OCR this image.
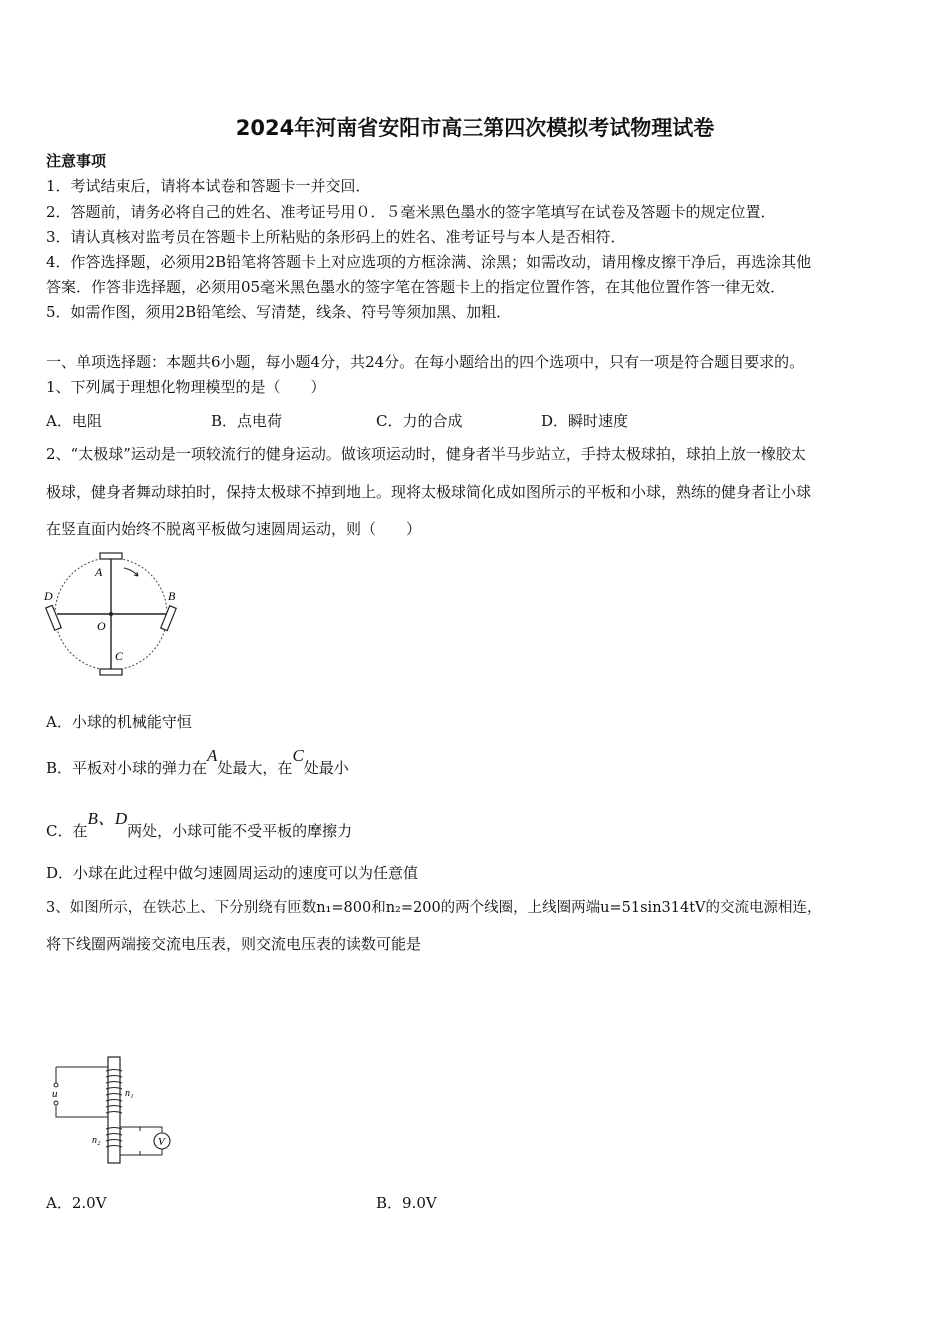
2024年河南省安阳市高三第四次模拟考试物理试卷
注意事项
1．考试结束后，请将本试卷和答题卡一并交回．
2．答题前，请务必将自己的姓名、准考证号用０．５毫米黑色墨水的签字笔填写在试卷及答题卡的规定位置．
3．请认真核对监考员在答题卡上所粘贴的条形码上的姓名、准考证号与本人是否相符．
4．作答选择题，必须用2B铅笔将答题卡上对应选项的方框涂满、涂黑；如需改动，请用橡皮擦干净后，再选涂其他
答案．作答非选择题，必须用05毫米黑色墨水的签字笔在答题卡上的指定位置作答，在其他位置作答一律无效．
5．如需作图，须用2B铅笔绘、写清楚，线条、符号等须加黑、加粗．
一、单项选择题：本题共6小题，每小题4分，共24分。在每小题给出的四个选项中，只有一项是符合题目要求的。
1、下列属于理想化物理模型的是（　　）
A．电阻	B．点电荷	C．力的合成	D．瞬时速度
2、“太极球”运动是一项较流行的健身运动。做该项运动时，健身者半马步站立，手持太极球拍，球拍上放一橡胶太
极球，健身者舞动球拍时，保持太极球不掉到地上。现将太极球简化成如图所示的平板和小球，熟练的健身者让小球
在竖直面内始终不脱离平板做匀速圆周运动，则（　　）
A
B
C
D
O
A．小球的机械能守恒
B．平板对小球的弹力在A处最大，在C处最小
C．在B、D两处，小球可能不受平板的摩擦力
D．小球在此过程中做匀速圆周运动的速度可以为任意值
3、如图所示，在铁芯上、下分别绕有匝数n₁=800和n₂=200的两个线圈，上线圈两端u=51sin314tV的交流电源相连，
将下线圈两端接交流电压表，则交流电压表的读数可能是
V
u	n₁
n₂
A．2.0V	B．9.0V
